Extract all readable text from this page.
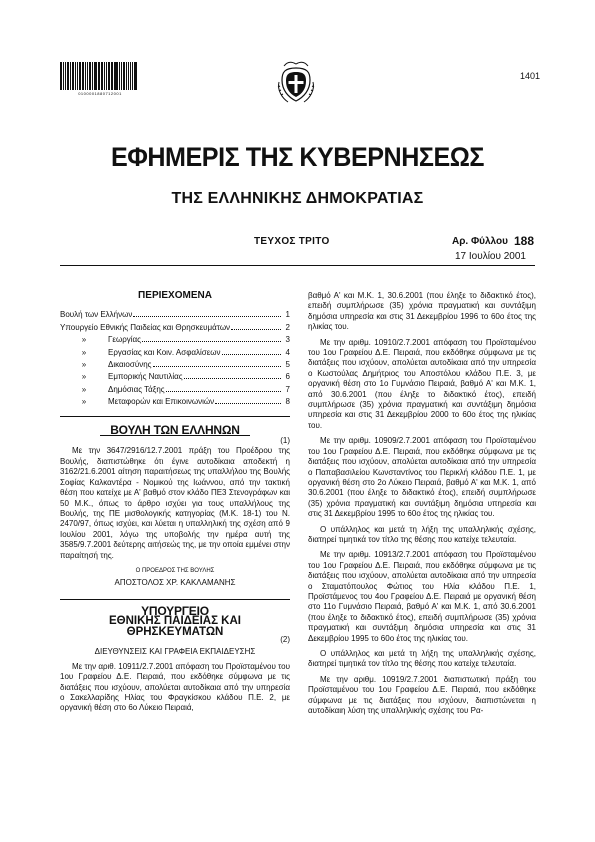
0100001880712001
1401
ΕΦΗΜΕΡΙΣ ΤΗΣ ΚΥΒΕΡΝΗΣΕΩΣ
ΤΗΣ ΕΛΛΗΝΙΚΗΣ ΔΗΜΟΚΡΑΤΙΑΣ
ΤΕΥΧΟΣ ΤΡΙΤΟ	Αρ. Φύλλου 188
17 Ιουλίου 2001
ΠΕΡΙΕΧΟΜΕΝΑ
Βουλή των Ελλήνων	1
Υπουργείο Εθνικής Παιδείας και Θρησκευμάτων	2
»	Γεωργίας	3
»	Εργασίας και Κοιν. Ασφαλίσεων	4
»	Δικαιοσύνης	5
»	Εμπορικής Ναυτιλίας	6
»	Δημόσιας Τάξης	7
»	Μεταφορών και Επικοινωνιών	8
ΒΟΥΛΗ ΤΩΝ ΕΛΛΗΝΩΝ
(1)

Με την 3647/2916/12.7.2001 πράξη του Προέδρου της Βουλής, διαπιστώθηκε ότι έγινε αυτοδίκαια αποδεκτή η 3162/21.6.2001 αίτηση παραιτήσεως της υπαλλήλου της Βουλής Σοφίας Καλκαντέρα - Νομικού της Ιωάννου, από την τακτική θέση που κατείχε με Α' βαθμό στον κλάδο ΠΕ3 Στενογράφων και 50 Μ.Κ., όπως το άρθρο ισχύει για τους υπαλλήλους της Βουλής, της ΠΕ μισθολογικής κατηγορίας (Μ.Κ. 18-1) του Ν. 2470/97, όπως ισχύει, και λύεται η υπαλληλική της σχέση από 9 Ιουλίου 2001, λόγω της υποβολής την ημέρα αυτή της 3585/9.7.2001 δεύτερης αιτήσεώς της, με την οποία εμμένει στην παραίτησή της.

Ο ΠΡΟΕΔΡΟΣ ΤΗΣ ΒΟΥΛΗΣ
ΑΠΟΣΤΟΛΟΣ ΧΡ. ΚΑΚΛΑΜΑΝΗΣ
ΥΠΟΥΡΓΕΙΟ
ΕΘΝΙΚΗΣ ΠΑΙΔΕΙΑΣ ΚΑΙ ΘΡΗΣΚΕΥΜΑΤΩΝ
(2)
ΔΙΕΥΘΥΝΣΕΙΣ ΚΑΙ ΓΡΑΦΕΙΑ ΕΚΠΑΙΔΕΥΣΗΣ

Με την αριθ. 10911/2.7.2001 απόφαση του Προϊσταμένου του 1ου Γραφείου Δ.Ε. Πειραιά, που εκδόθηκε σύμφωνα με τις διατάξεις που ισχύουν, απολύεται αυτοδίκαια από την υπηρεσία ο Σακελλαρίδης Ηλίας του Φραγκίσκου κλάδου Π.Ε. 2, με οργανική θέση στο 6ο Λύκειο Πειραιά,

βαθμό Α' και Μ.Κ. 1, 30.6.2001 (που έληξε το διδακτικό έτος), επειδή συμπλήρωσε (35) χρόνια πραγματική και συντάξιμη δημόσια υπηρεσία και στις 31 Δεκεμβρίου 1996 το 60ο έτος της ηλικίας του.

Με την αριθμ. 10910/2.7.2001 απόφαση του Προϊσταμένου του 1ου Γραφείου Δ.Ε. Πειραιά, που εκδόθηκε σύμφωνα με τις διατάξεις που ισχύουν, απολύεται αυτοδίκαια από την υπηρεσία ο Κωστούλας Δημήτριος του Αποστόλου κλάδου Π.Ε. 3, με οργανική θέση στο 1ο Γυμνάσιο Πειραιά, βαθμό Α' και Μ.Κ. 1, από 30.6.2001 (που έληξε το διδακτικό έτος), επειδή συμπλήρωσε (35) χρόνια πραγματική και συντάξιμη δημόσια υπηρεσία και στις 31 Δεκεμβρίου 2000 το 60ο έτος της ηλικίας του.

Με την αριθμ. 10909/2.7.2001 απόφαση του Προϊσταμένου του 1ου Γραφείου Δ.Ε. Πειραιά, που εκδόθηκε σύμφωνα με τις διατάξεις που ισχύουν, απολύεται αυτοδίκαια από την υπηρεσία ο Παπαβασιλείου Κωνσταντίνος του Περικλή κλάδου Π.Ε. 1, με οργανική θέση στο 2ο Λύκειο Πειραιά, βαθμό Α' και Μ.Κ. 1, από 30.6.2001 (που έληξε το διδακτικό έτος), επειδή συμπλήρωσε (35) χρόνια πραγματική και συντάξιμη δημόσια υπηρεσία και στις 31 Δεκεμβρίου 1995 το 60ο έτος της ηλικίας του.

Ο υπάλληλος και μετά τη λήξη της υπαλληλικής σχέσης, διατηρεί τιμητικά τον τίτλο της θέσης που κατείχε τελευταία.

Με την αριθμ. 10913/2.7.2001 απόφαση του Προϊσταμένου του 1ου Γραφείου Δ.Ε. Πειραιά, που εκδόθηκε σύμφωνα με τις διατάξεις που ισχύουν, απολύεται αυτοδίκαια από την υπηρεσία ο Σταματόπουλος Φώτιος του Ηλία κλάδου Π.Ε. 1, Προϊστάμενος του 4ου Γραφείου Δ.Ε. Πειραιά με οργανική θέση στο 11ο Γυμνάσιο Πειραιά, βαθμό Α' και Μ.Κ. 1, από 30.6.2001 (που έληξε το διδακτικό έτος), επειδή συμπλήρωσε (35) χρόνια πραγματική και συντάξιμη δημόσια υπηρεσία και στις 31 Δεκεμβρίου 1995 το 60ο έτος της ηλικίας του.

Ο υπάλληλος και μετά τη λήξη της υπαλληλικής σχέσης, διατηρεί τιμητικά τον τίτλο της θέσης που κατείχε τελευταία.

Με την αριθμ. 10919/2.7.2001 διαπιστωτική πράξη του Προϊσταμένου του 1ου Γραφείου Δ.Ε. Πειραιά, που εκδόθηκε σύμφωνα με τις διατάξεις που ισχύουν, διαπιστώνεται η αυτοδίκαιη λύση της υπαλληλικής σχέσης του Ρα-
